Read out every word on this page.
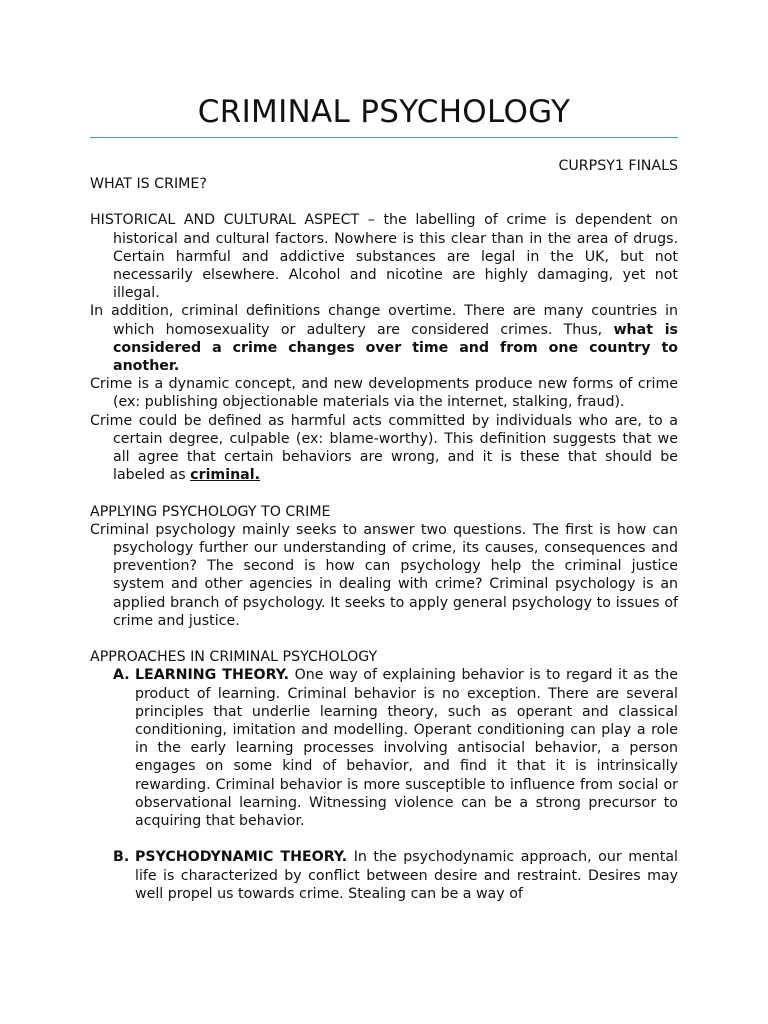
CRIMINAL PSYCHOLOGY
CURPSY1 FINALS

WHAT IS CRIME?

HISTORICAL AND CULTURAL ASPECT – the labelling of crime is dependent on historical and cultural factors. Nowhere is this clear than in the area of drugs. Certain harmful and addictive substances are legal in the UK, but not necessarily elsewhere. Alcohol and nicotine are highly damaging, yet not illegal.

In addition, criminal definitions change overtime. There are many countries in which homosexuality or adultery are considered crimes. Thus, what is considered a crime changes over time and from one country to another.

Crime is a dynamic concept, and new developments produce new forms of crime (ex: publishing objectionable materials via the internet, stalking, fraud).

Crime could be defined as harmful acts committed by individuals who are, to a certain degree, culpable (ex: blame-worthy). This definition suggests that we all agree that certain behaviors are wrong, and it is these that should be labeled as criminal.

APPLYING PSYCHOLOGY TO CRIME

Criminal psychology mainly seeks to answer two questions. The first is how can psychology further our understanding of crime, its causes, consequences and prevention? The second is how can psychology help the criminal justice system and other agencies in dealing with crime? Criminal psychology is an applied branch of psychology. It seeks to apply general psychology to issues of crime and justice.

APPROACHES IN CRIMINAL PSYCHOLOGY

A. LEARNING THEORY. One way of explaining behavior is to regard it as the product of learning. Criminal behavior is no exception. There are several principles that underlie learning theory, such as operant and classical conditioning, imitation and modelling. Operant conditioning can play a role in the early learning processes involving antisocial behavior, a person engages on some kind of behavior, and find it that it is intrinsically rewarding. Criminal behavior is more susceptible to influence from social or observational learning. Witnessing violence can be a strong precursor to acquiring that behavior.

B. PSYCHODYNAMIC THEORY. In the psychodynamic approach, our mental life is characterized by conflict between desire and restraint. Desires may well propel us towards crime. Stealing can be a way of
